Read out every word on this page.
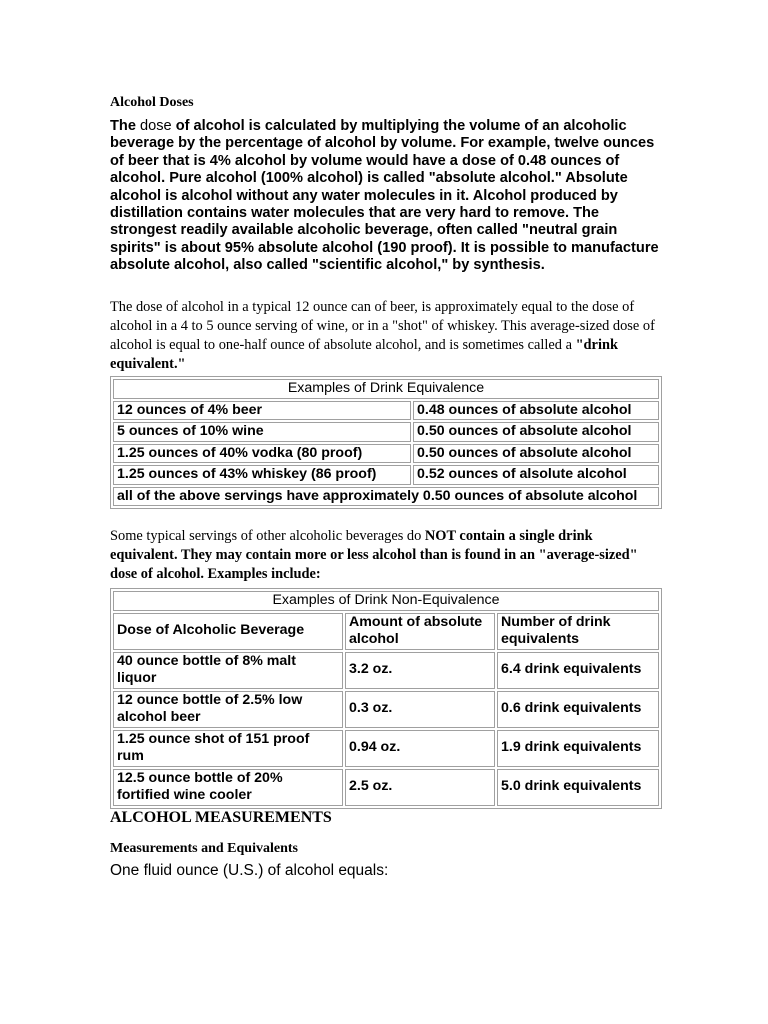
Alcohol Doses
The dose of alcohol is calculated by multiplying the volume of an alcoholic beverage by the percentage of alcohol by volume. For example, twelve ounces of beer that is 4% alcohol by volume would have a dose of 0.48 ounces of alcohol. Pure alcohol (100% alcohol) is called "absolute alcohol." Absolute alcohol is alcohol without any water molecules in it. Alcohol produced by distillation contains water molecules that are very hard to remove. The strongest readily available alcoholic beverage, often called "neutral grain spirits" is about 95% absolute alcohol (190 proof). It is possible to manufacture absolute alcohol, also called "scientific alcohol," by synthesis.
The dose of alcohol in a typical 12 ounce can of beer, is approximately equal to the dose of alcohol in a 4 to 5 ounce serving of wine, or in a "shot" of whiskey. This average-sized dose of alcohol is equal to one-half ounce of absolute alcohol, and is sometimes called a "drink equivalent."
Examples of Drink Equivalence	
12 ounces of 4% beer	0.48 ounces of absolute alcohol
5 ounces of 10% wine	0.50 ounces of absolute alcohol
1.25 ounces of 40% vodka (80 proof)	0.50 ounces of absolute alcohol
1.25 ounces of 43% whiskey (86 proof)	0.52 ounces of alsolute alcohol
all of the above servings have approximately 0.50 ounces of absolute alcohol	
Some typical servings of other alcoholic beverages do NOT contain a single drink equivalent. They may contain more or less alcohol than is found in an "average-sized" dose of alcohol. Examples include:
Examples of Drink Non-Equivalence		
Dose of Alcoholic Beverage	Amount of absolute alcohol	Number of drink equivalents
40 ounce bottle of 8% malt liquor	3.2 oz.	6.4 drink equivalents
12 ounce bottle of 2.5% low alcohol beer	0.3 oz.	0.6 drink equivalents
1.25 ounce shot of 151 proof rum	0.94 oz.	1.9 drink equivalents
12.5 ounce bottle of 20% fortified wine cooler	2.5 oz.	5.0 drink equivalents
ALCOHOL MEASUREMENTS
Measurements and Equivalents
One fluid ounce (U.S.) of alcohol equals:
